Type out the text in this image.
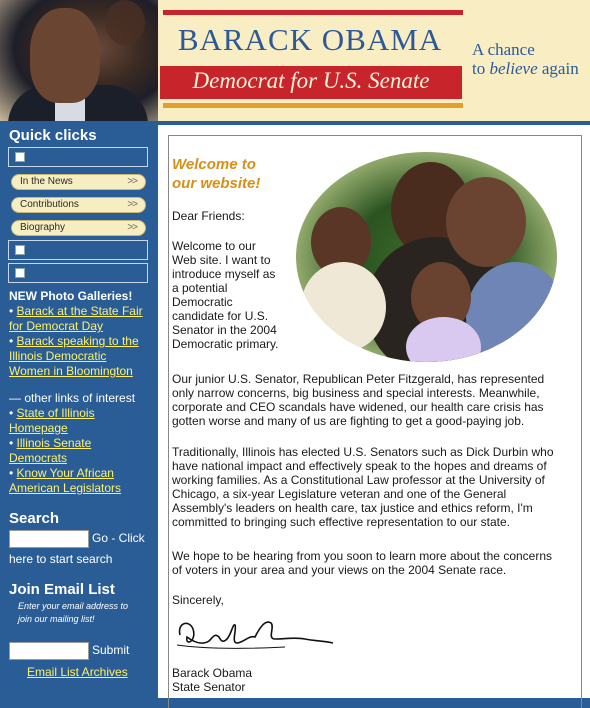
BARACK OBAMA
Democrat for U.S. Senate
A chance
to believe again
Quick clicks
In the News	>>
Contributions	>>
Biography	>>
NEW Photo Galleries!
• Barack at the State Fair for Democrat Day
• Barack speaking to the Illinois Democratic Women in Bloomington
— other links of interest
• State of Illinois Homepage
• Illinois Senate Democrats
• Know Your African American Legislators
Search
Go - Click
here to start search
Join Email List
Enter your email address to
join our mailing list!
Submit
Email List Archives
Welcome to
our website!
Dear Friends:
Welcome to our
Web site. I want to
introduce myself as
a potential
Democratic
candidate for U.S.
Senator in the 2004
Democratic primary.
Our junior U.S. Senator, Republican Peter Fitzgerald, has represented
only narrow concerns, big business and special interests. Meanwhile,
corporate and CEO scandals have widened, our health care crisis has
gotten worse and many of us are fighting to get a good-paying job.
Traditionally, Illinois has elected U.S. Senators such as Dick Durbin who
have national impact and effectively speak to the hopes and dreams of
working families. As a Constitutional Law professor at the University of
Chicago, a six-year Legislature veteran and one of the General
Assembly's leaders on health care, tax justice and ethics reform, I'm
committed to bringing such effective representation to our state.
We hope to be hearing from you soon to learn more about the concerns
of voters in your area and your views on the 2004 Senate race.
Sincerely,
Barack Obama
State Senator
